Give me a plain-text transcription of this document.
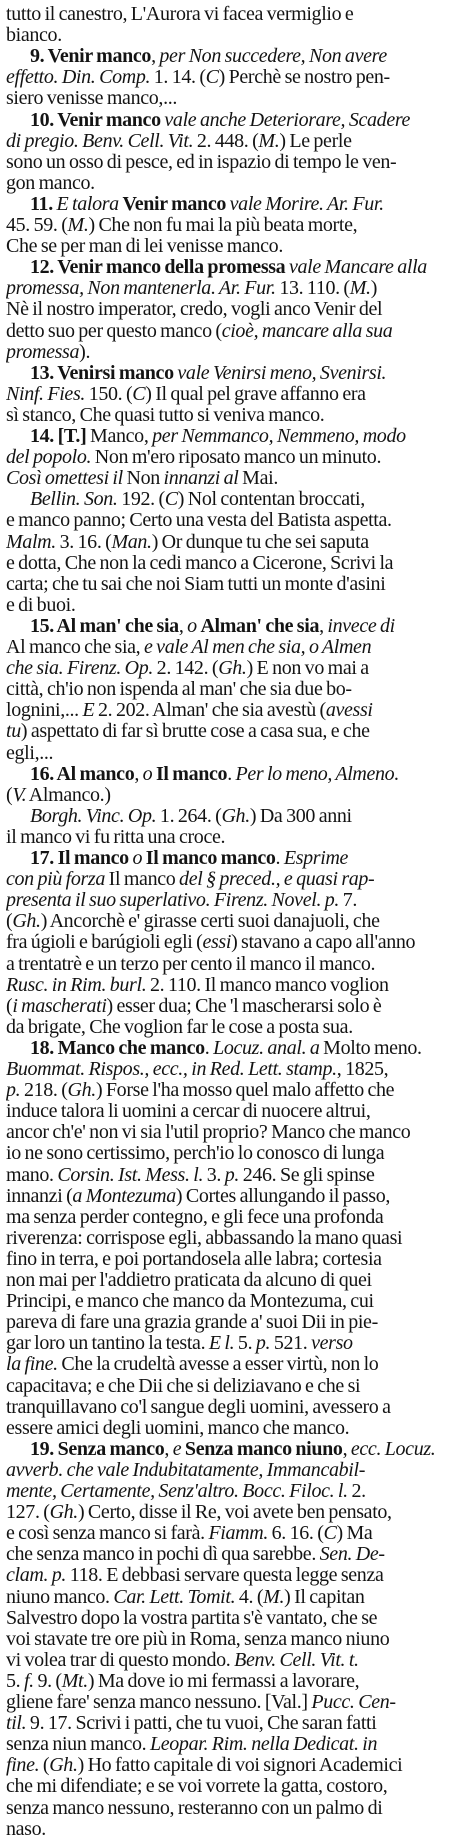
tutto il canestro, L'Aurora vi facea vermiglio e
bianco.
9. Venir manco, per Non succedere, Non avere
effetto. Din. Comp. 1. 14. (C) Perchè se nostro pen-
siero venisse manco,...
10. Venir manco vale anche Deteriorare, Scadere
di pregio. Benv. Cell. Vit. 2. 448. (M.) Le perle
sono un osso di pesce, ed in ispazio di tempo le ven-
gon manco.
11. E talora Venir manco vale Morire. Ar. Fur.
45. 59. (M.) Che non fu mai la più beata morte,
Che se per man di lei venisse manco.
12. Venir manco della promessa vale Mancare alla
promessa, Non mantenerla. Ar. Fur. 13. 110. (M.)
Nè il nostro imperator, credo, vogli anco Venir del
detto suo per questo manco (cioè, mancare alla sua
promessa).
13. Venirsi manco vale Venirsi meno, Svenirsi.
Ninf. Fies. 150. (C) Il qual pel grave affanno era
sì stanco, Che quasi tutto si veniva manco.
14. [T.] Manco, per Nemmanco, Nemmeno, modo
del popolo. Non m'ero riposato manco un minuto.
Così omettesi il Non innanzi al Mai.
Bellin. Son. 192. (C) Nol contentan broccati,
e manco panno; Certo una vesta del Batista aspetta.
Malm. 3. 16. (Man.) Or dunque tu che sei saputa
e dotta, Che non la cedi manco a Cicerone, Scrivi la
carta; che tu sai che noi Siam tutti un monte d'asini
e di buoi.
15. Al man' che sia, o Alman' che sia, invece di
Al manco che sia, e vale Al men che sia, o Almen
che sia. Firenz. Op. 2. 142. (Gh.) E non vo mai a
città, ch'io non ispenda al man' che sia due bo-
lognini,... E 2. 202. Alman' che sia avestù (avessi
tu) aspettato di far sì brutte cose a casa sua, e che
egli,...
16. Al manco, o Il manco. Per lo meno, Almeno.
(V. Almanco.)
Borgh. Vinc. Op. 1. 264. (Gh.) Da 300 anni
il manco vi fu ritta una croce.
17. Il manco o Il manco manco. Esprime
con più forza Il manco del § preced., e quasi rap-
presenta il suo superlativo. Firenz. Novel. p. 7.
(Gh.) Ancorchè e' girasse certi suoi danajuoli, che
fra úgioli e barúgioli egli (essi) stavano a capo all'anno
a trentatrè e un terzo per cento il manco il manco.
Rusc. in Rim. burl. 2. 110. Il manco manco voglion
(i mascherati) esser dua; Che 'l mascherarsi solo è
da brigate, Che voglion far le cose a posta sua.
18. Manco che manco. Locuz. anal. a Molto meno.
Buommat. Rispos., ecc., in Red. Lett. stamp., 1825,
p. 218. (Gh.) Forse l'ha mosso quel malo affetto che
induce talora li uomini a cercar di nuocere altrui,
ancor ch'e' non vi sia l'util proprio? Manco che manco
io ne sono certissimo, perch'io lo conosco di lunga
mano. Corsin. Ist. Mess. l. 3. p. 246. Se gli spinse
innanzi (a Montezuma) Cortes allungando il passo,
ma senza perder contegno, e gli fece una profonda
riverenza: corrispose egli, abbassando la mano quasi
fino in terra, e poi portandosela alle labra; cortesia
non mai per l'addietro praticata da alcuno di quei
Principi, e manco che manco da Montezuma, cui
pareva di fare una grazia grande a' suoi Dii in pie-
gar loro un tantino la testa. E l. 5. p. 521. verso
la fine. Che la crudeltà avesse a esser virtù, non lo
capacitava; e che Dii che si deliziavano e che si
tranquillavano co'l sangue degli uomini, avessero a
essere amici degli uomini, manco che manco.
19. Senza manco, e Senza manco niuno, ecc. Locuz.
avverb. che vale Indubitatamente, Immancabil-
mente, Certamente, Senz'altro. Bocc. Filoc. l. 2.
127. (Gh.) Certo, disse il Re, voi avete ben pensato,
e così senza manco si farà. Fiamm. 6. 16. (C) Ma
che senza manco in pochi dì qua sarebbe. Sen. De-
clam. p. 118. E debbasi servare questa legge senza
niuno manco. Car. Lett. Tomit. 4. (M.) Il capitan
Salvestro dopo la vostra partita s'è vantato, che se
voi stavate tre ore più in Roma, senza manco niuno
vi volea trar di questo mondo. Benv. Cell. Vit. t.
5. f. 9. (Mt.) Ma dove io mi fermassi a lavorare,
gliene fare' senza manco nessuno. [Val.] Pucc. Cen-
til. 9. 17. Scrivi i patti, che tu vuoi, Che saran fatti
senza niun manco. Leopar. Rim. nella Dedicat. in
fine. (Gh.) Ho fatto capitale di voi signori Academici
che mi difendiate; e se voi vorrete la gatta, costoro,
senza manco nessuno, resteranno con un palmo di
naso.
